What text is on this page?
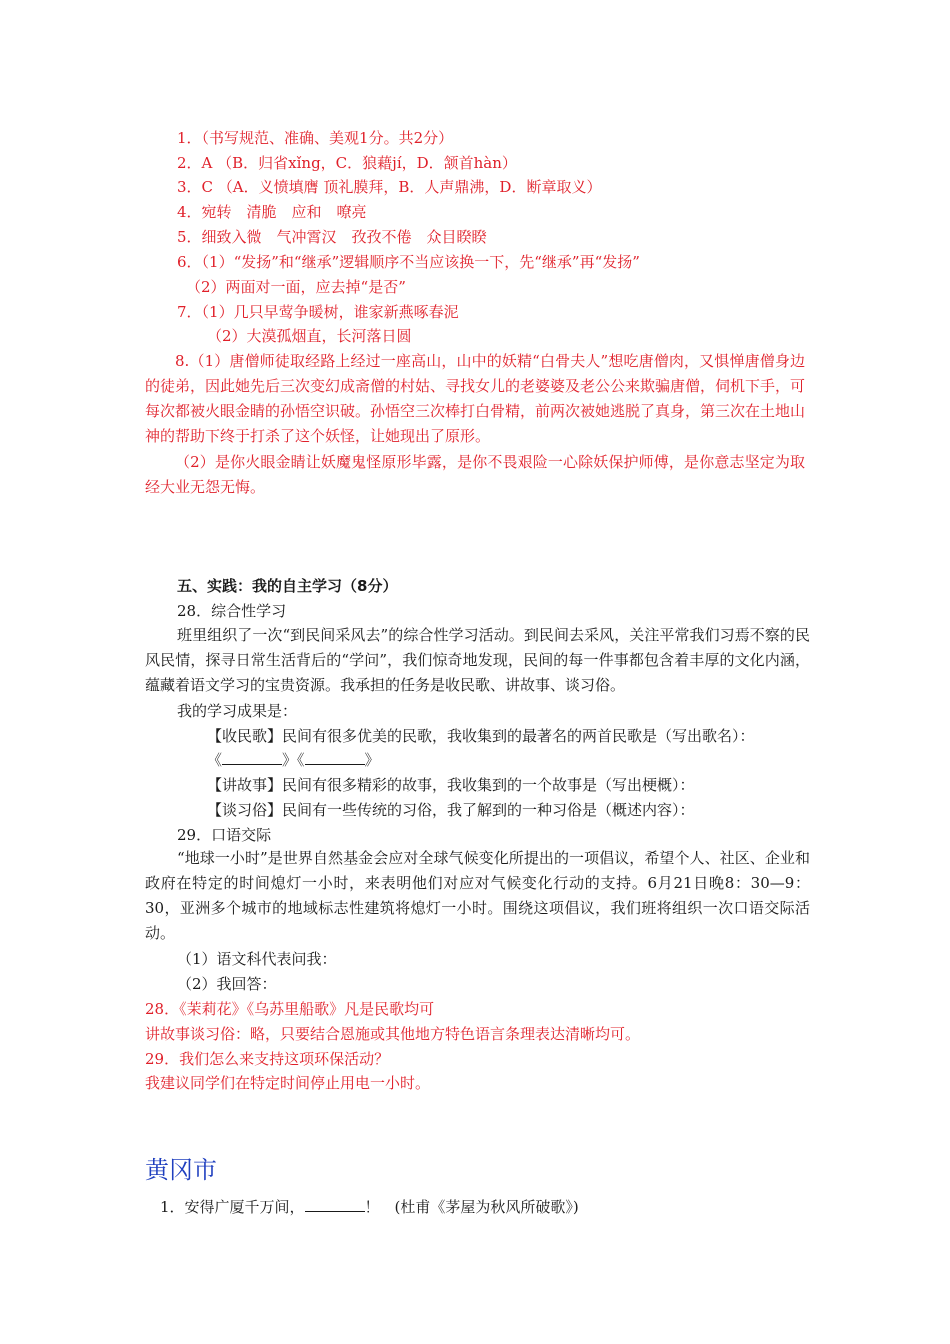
1．（书写规范、准确、美观1分。共2分）
2．A （B．归省xǐng，C．狼藉jí，D．颔首hàn）
3．C （A．义愤填膺 顶礼膜拜，B．人声鼎沸，D．断章取义）
4．宛转　清脆　应和　嘹亮
5．细致入微　气冲霄汉　孜孜不倦　众目睽睽
6．（1）“发扬”和“继承”逻辑顺序不当应该换一下，先“继承”再“发扬”
（2）两面对一面，应去掉“是否”
7．（1）几只早莺争暖树，谁家新燕啄春泥
（2）大漠孤烟直，长河落日圆
8.（1）唐僧师徒取经路上经过一座高山，山中的妖精“白骨夫人”想吃唐僧肉，又惧惮唐僧身边的徒弟，因此她先后三次变幻成斋僧的村姑、寻找女儿的老婆婆及老公公来欺骗唐僧，伺机下手，可每次都被火眼金睛的孙悟空识破。孙悟空三次棒打白骨精，前两次被她逃脱了真身，第三次在土地山神的帮助下终于打杀了这个妖怪，让她现出了原形。
（2）是你火眼金睛让妖魔鬼怪原形毕露，是你不畏艰险一心除妖保护师傅，是你意志坚定为取经大业无怨无悔。
五、实践：我的自主学习（8分）
28．综合性学习
班里组织了一次“到民间采风去”的综合性学习活动。到民间去采风，关注平常我们习焉不察的民风民情，探寻日常生活背后的“学问”，我们惊奇地发现，民间的每一件事都包含着丰厚的文化内涵，蕴藏着语文学习的宝贵资源。我承担的任务是收民歌、讲故事、谈习俗。
我的学习成果是：
【收民歌】民间有很多优美的民歌，我收集到的最著名的两首民歌是（写出歌名）：
《	》《	》
【讲故事】民间有很多精彩的故事，我收集到的一个故事是（写出梗概）：
【谈习俗】民间有一些传统的习俗，我了解到的一种习俗是（概述内容）：
29．口语交际
“地球一小时”是世界自然基金会应对全球气候变化所提出的一项倡议，希望个人、社区、企业和政府在特定的时间熄灯一小时，来表明他们对应对气候变化行动的支持。6月21日晚8：30—9：30，亚洲多个城市的地域标志性建筑将熄灯一小时。围绕这项倡议，我们班将组织一次口语交际活动。
（1）语文科代表问我：
（2）我回答：
28．《茉莉花》《乌苏里船歌》凡是民歌均可
讲故事谈习俗：略，只要结合恩施或其他地方特色语言条理表达清晰均可。
29．我们怎么来支持这项环保活动？
我建议同学们在特定时间停止用电一小时。
黄冈市
1．安得广厦千万间，	！　(杜甫《茅屋为秋风所破歌》)
